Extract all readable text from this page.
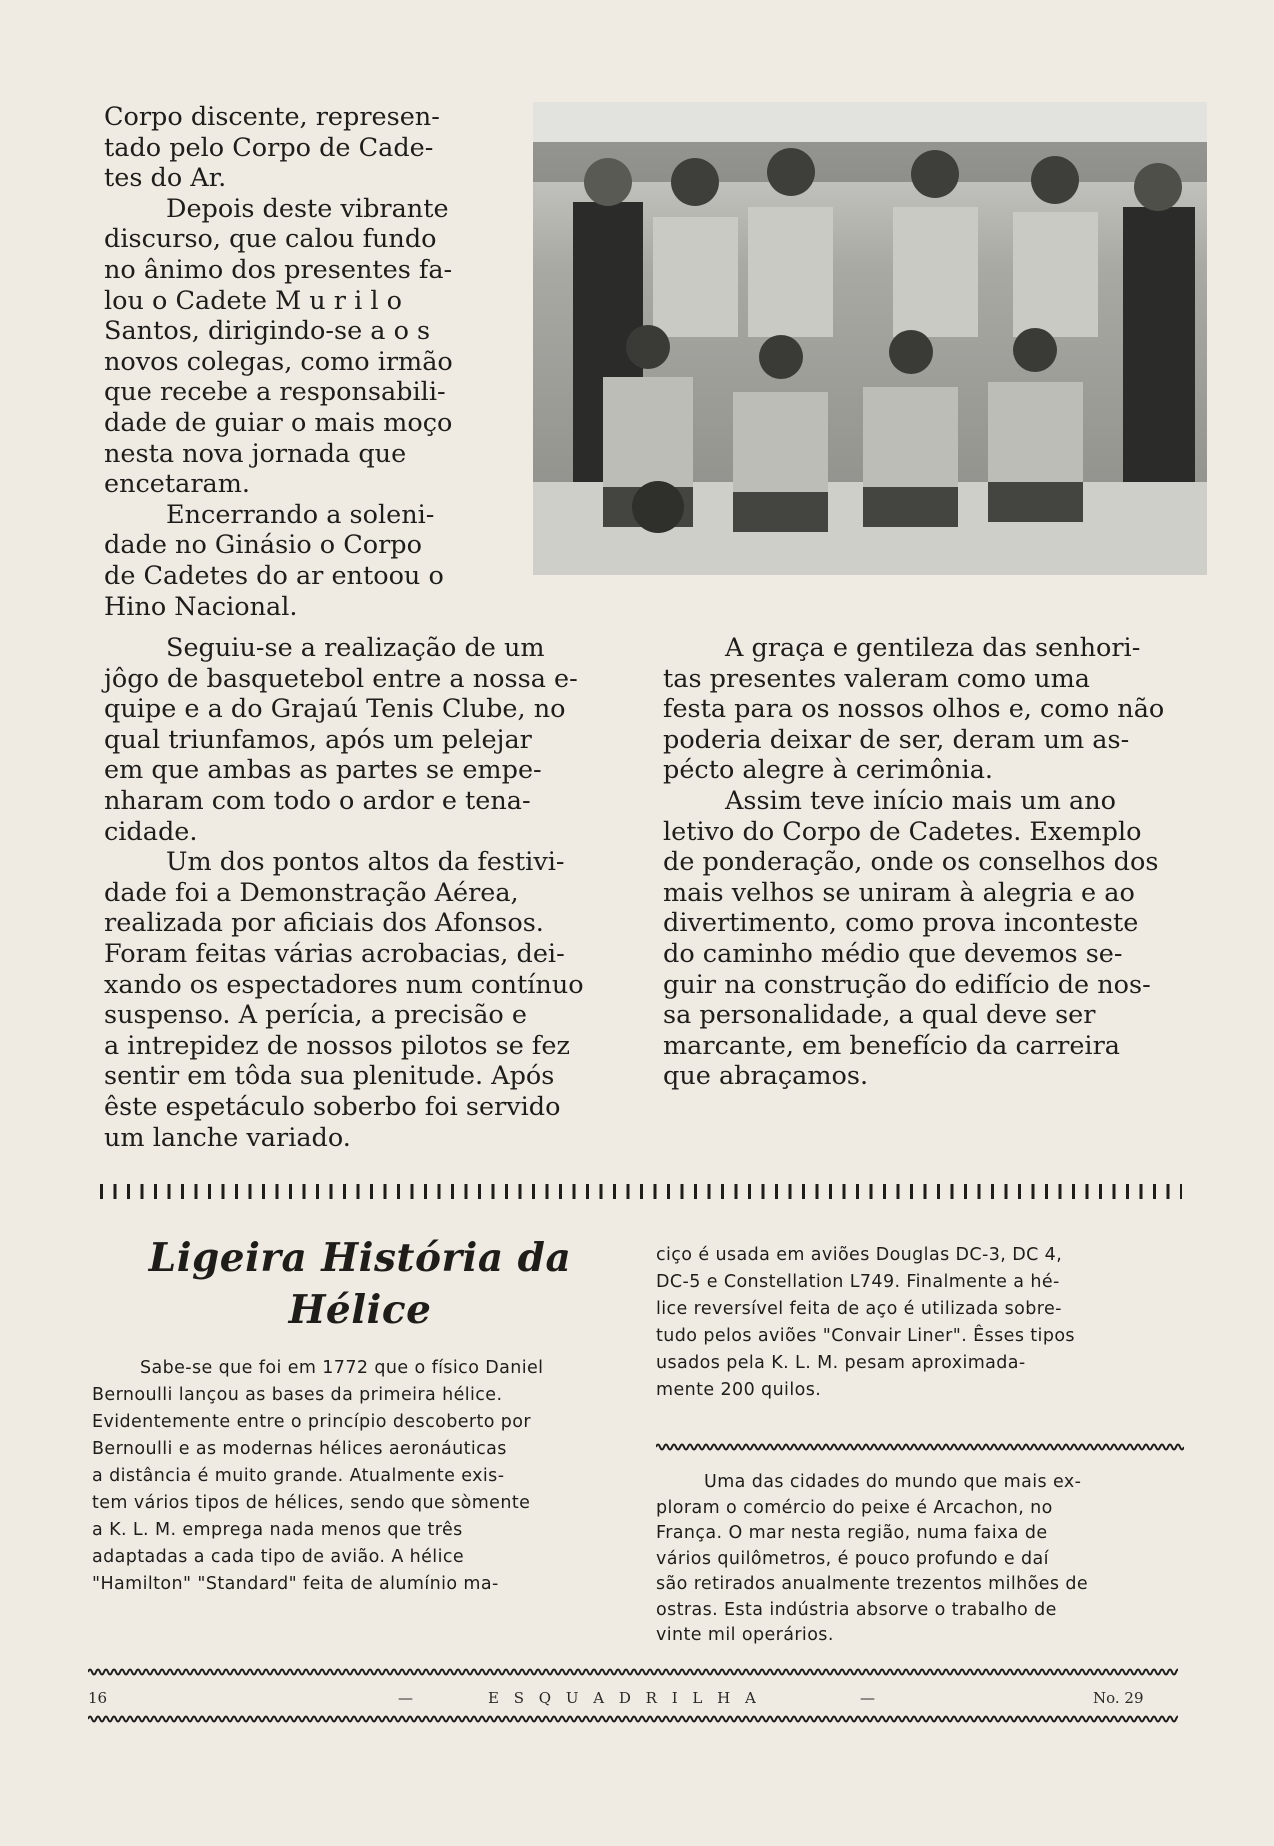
Corpo discente, represen-
tado pelo Corpo de Cade-
tes do Ar.
Depois deste vibrante
discurso, que calou fundo
no ânimo dos presentes fa-
lou o Cadete M u r i l o
Santos, dirigindo-se a o s
novos colegas, como irmão
que recebe a responsabili-
dade de guiar o mais moço
nesta nova jornada que
encetaram.
Encerrando a soleni-
dade no Ginásio o Corpo
de Cadetes do ar entoou o
Hino Nacional.
Seguiu-se a realização de um
jôgo de basquetebol entre a nossa e-
quipe e a do Grajaú Tenis Clube, no
qual triunfamos, após um pelejar
em que ambas as partes se empe-
nharam com todo o ardor e tena-
cidade.
Um dos pontos altos da festivi-
dade foi a Demonstração Aérea,
realizada por aficiais dos Afonsos.
Foram feitas várias acrobacias, dei-
xando os espectadores num contínuo
suspenso. A perícia, a precisão e
a intrepidez de nossos pilotos se fez
sentir em tôda sua plenitude. Após
êste espetáculo soberbo foi servido
um lanche variado.
A graça e gentileza das senhori-
tas presentes valeram como uma
festa para os nossos olhos e, como não
poderia deixar de ser, deram um as-
pécto alegre à cerimônia.
Assim teve início mais um ano
letivo do Corpo de Cadetes. Exemplo
de ponderação, onde os conselhos dos
mais velhos se uniram à alegria e ao
divertimento, como prova inconteste
do caminho médio que devemos se-
guir na construção do edifício de nos-
sa personalidade, a qual deve ser
marcante, em benefício da carreira
que abraçamos.
Ligeira História da
Hélice
Sabe-se que foi em 1772 que o físico Daniel
Bernoulli lançou as bases da primeira hélice.
Evidentemente entre o princípio descoberto por
Bernoulli e as modernas hélices aeronáuticas
a distância é muito grande. Atualmente exis-
tem vários tipos de hélices, sendo que sòmente
a K. L. M. emprega nada menos que três
adaptadas a cada tipo de avião. A hélice
"Hamilton" "Standard" feita de alumínio ma-
ciço é usada em aviões Douglas DC-3, DC 4,
DC-5 e Constellation L749. Finalmente a hé-
lice reversível feita de aço é utilizada sobre-
tudo pelos aviões "Convair Liner". Êsses tipos
usados pela K. L. M. pesam aproximada-
mente 200 quilos.
Uma das cidades do mundo que mais ex-
ploram o comércio do peixe é Arcachon, no
França. O mar nesta região, numa faixa de
vários quilômetros, é pouco profundo e daí
são retirados anualmente trezentos milhões de
ostras. Esta indústria absorve o trabalho de
vinte mil operários.
16	—	E S Q U A D R I L H A	—	No. 29
